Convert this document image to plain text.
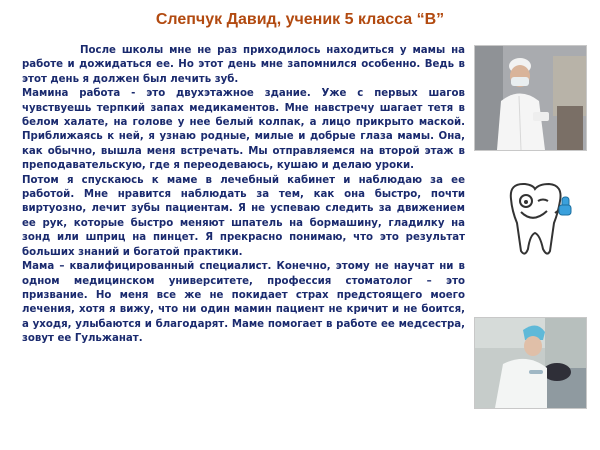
Слепчук Давид, ученик 5 класса “В”

После школы мне не раз приходилось находиться у мамы на работе и дожидаться ее. Но этот день мне запомнился особенно. Ведь в этот день я должен был лечить зуб.

Мамина работа - это двухэтажное здание. Уже с первых шагов чувствуешь терпкий запах медикаментов. Мне навстречу шагает тетя в белом халате, на голове у нее белый колпак, а лицо прикрыто маской. Приближаясь к ней, я узнаю родные, милые и добрые глаза мамы. Она, как обычно, вышла меня встречать. Мы отправляемся на второй этаж в преподавательскую, где я переодеваюсь, кушаю и делаю уроки.

Потом я спускаюсь к маме в лечебный кабинет и наблюдаю за ее работой. Мне нравится наблюдать за тем, как она быстро, почти виртуозно, лечит зубы пациентам. Я не успеваю следить за движением ее рук, которые быстро меняют шпатель на бормашину, гладилку на зонд или шприц на пинцет. Я прекрасно понимаю, что это результат больших знаний и богатой практики.

Мама – квалифицированный специалист. Конечно, этому не научат ни в одном медицинском университете, профессия стоматолог – это призвание. Но меня все же не покидает страх предстоящего моего лечения, хотя я вижу, что ни один мамин пациент не кричит и не боится, а уходя, улыбаются и благодарят. Маме помогает в работе ее медсестра, зовут ее Гульжанат.
